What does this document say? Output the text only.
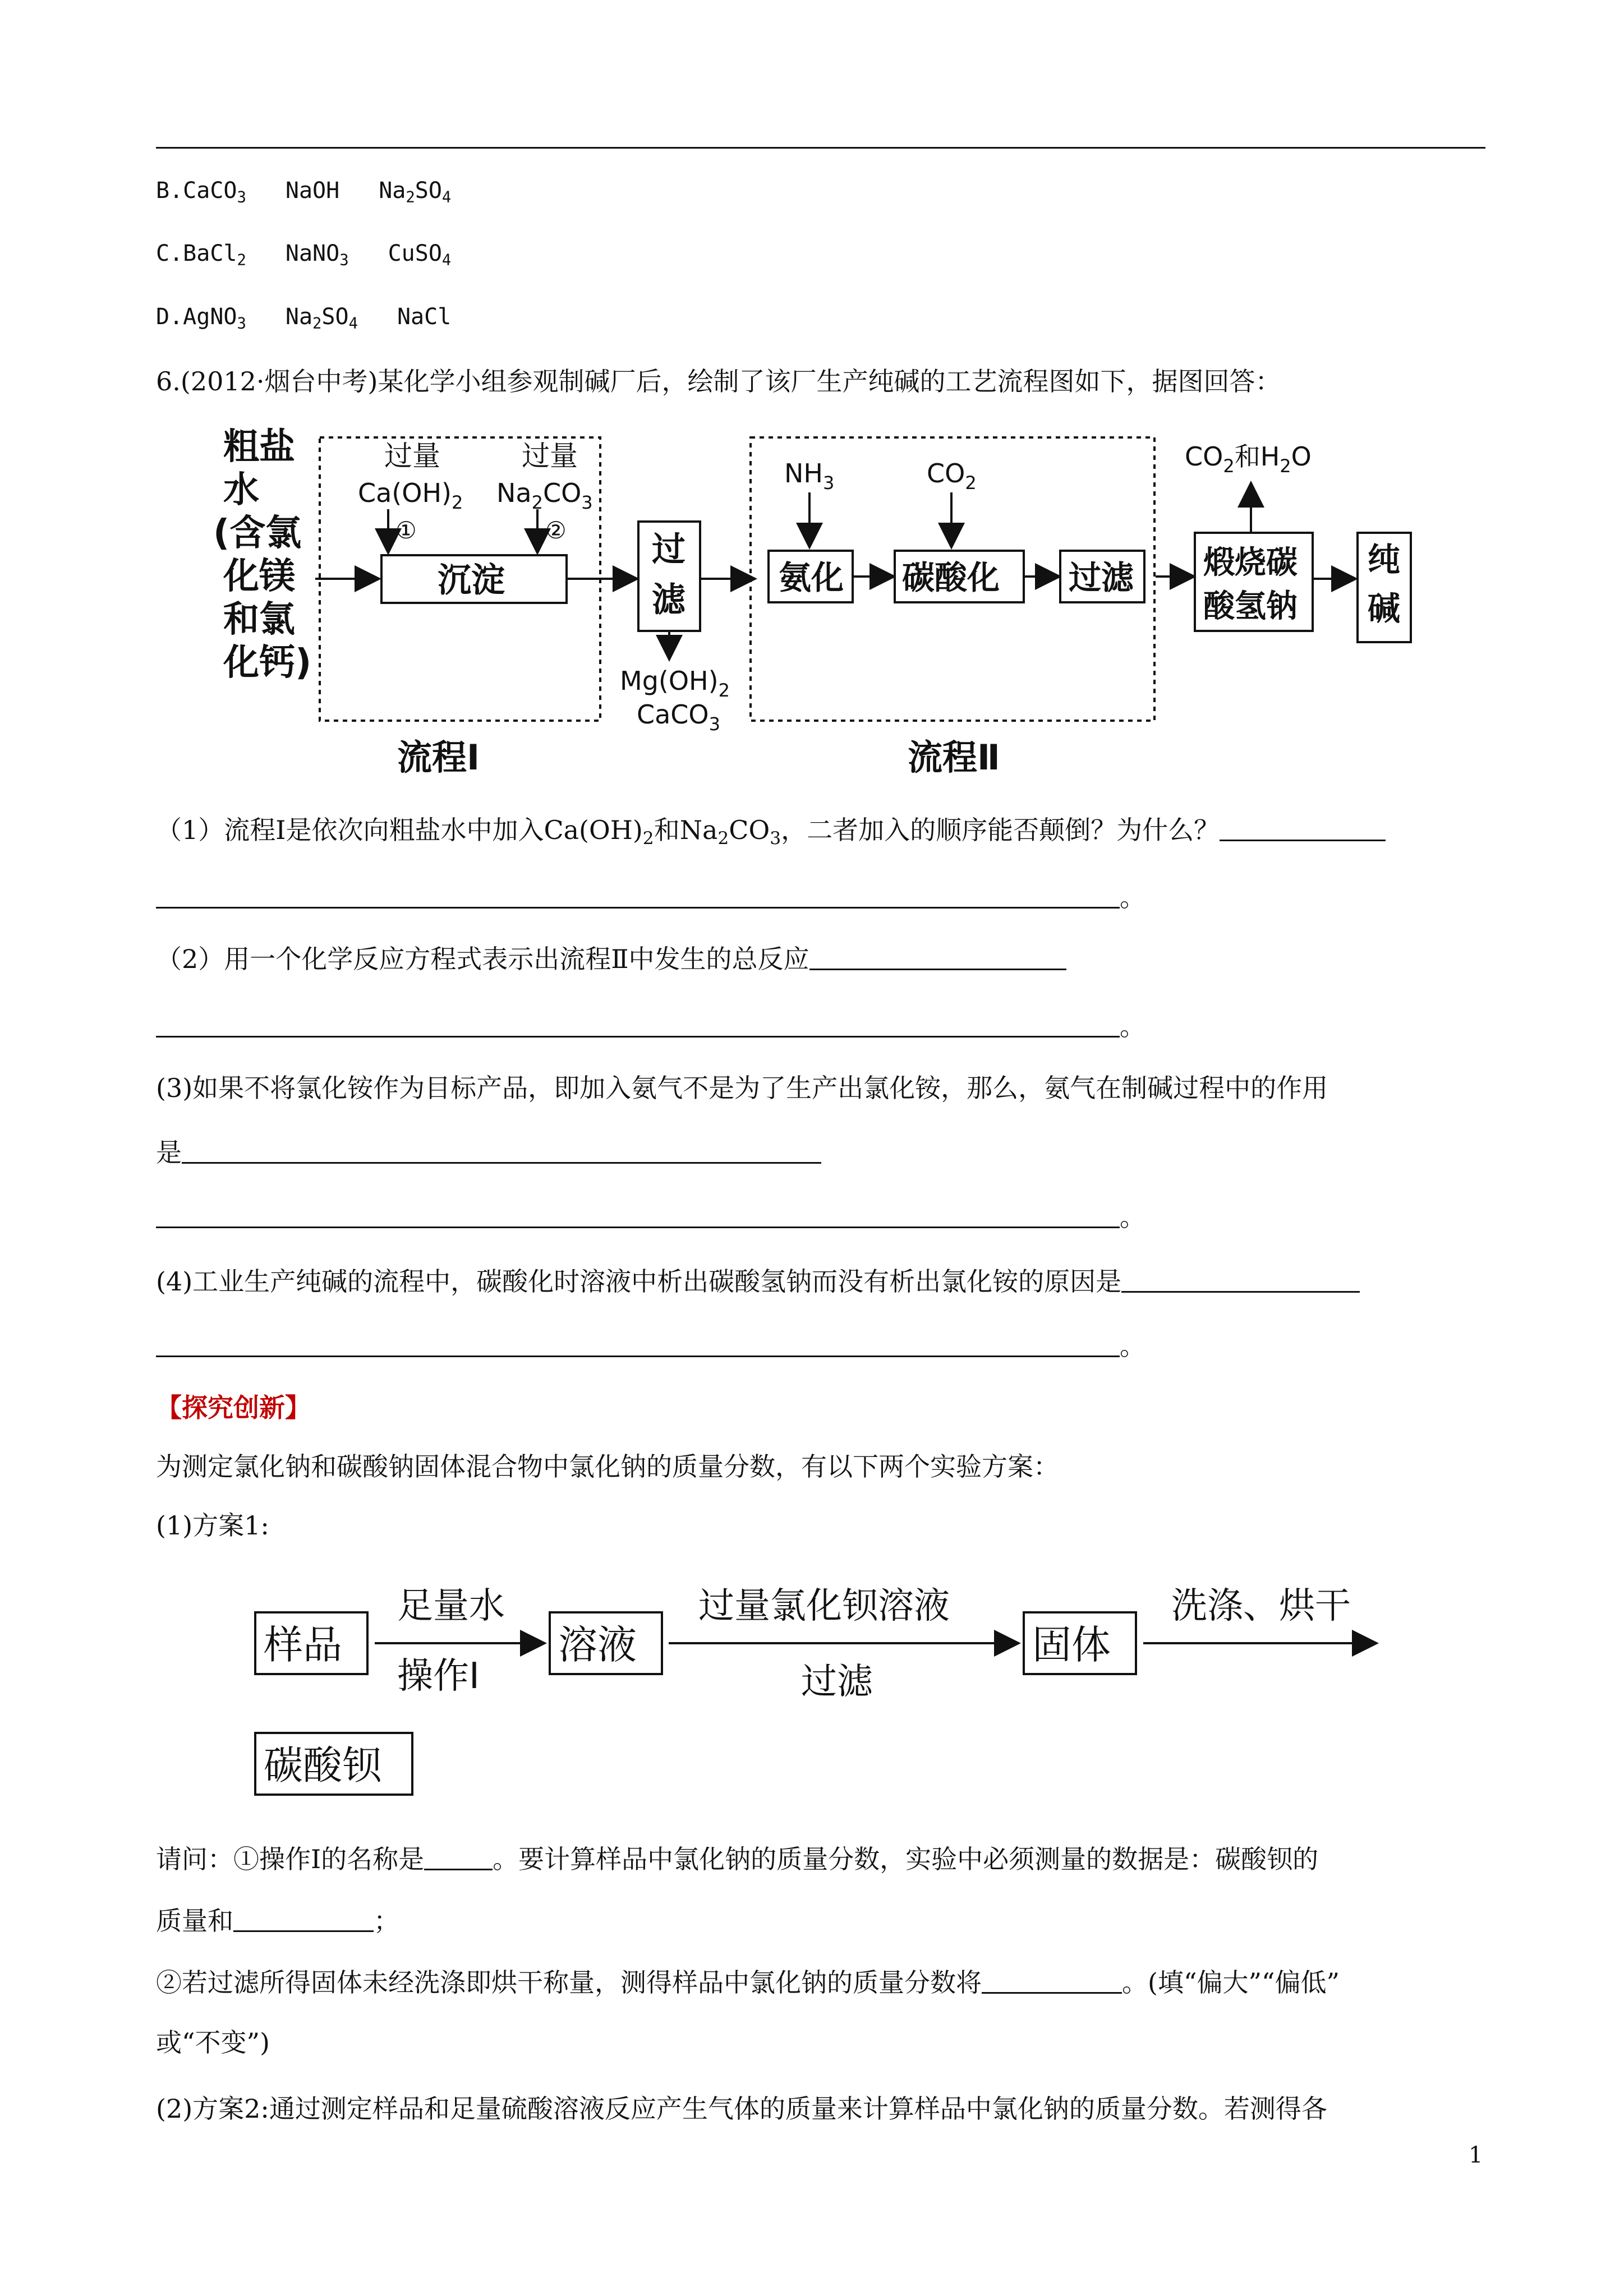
B.CaCO$_3$ NaOH $Na_2SO_4$
C.BaCl$_2$ NaNO$_3$ CuSO$_4$
D.AgNO$_3$ $Na_2SO_4$ NaCl
6.(2012·烟台中考)某化学小组参观制碱厂后，绘制了该厂生产纯碱的工艺流程图如下，据图回答：
粗盐
水
(含氯
化镁
和氯
化钙)
过量	过量
$Ca(OH)_2$ $Na_2CO_3$
①	②
沉淀
过
滤
$Mg(OH)_2$
CaCO$_3$
$NH_3$	$CO_2$
氨化 碳酸化 过滤
$CO_2$和$H_2O$
煅烧碳
酸氢钠
纯
碱
流程Ⅰ	流程Ⅱ
（1）流程Ⅰ是依次向粗盐水中加入$Ca(OH)_2$和$Na_2CO_3$，二者加入的顺序能否颠倒？为什么？
。
（2）用一个化学反应方程式表示出流程Ⅱ中发生的总反应
。
(3)如果不将氯化铵作为目标产品，即加入氨气不是为了生产出氯化铵，那么，氨气在制碱过程中的作用
是
。
(4)工业生产纯碱的流程中，碳酸化时溶液中析出碳酸氢钠而没有析出氯化铵的原因是
。
【探究创新】
为测定氯化钠和碳酸钠固体混合物中氯化钠的质量分数，有以下两个实验方案：
(1)方案1:
样品
足量水
操作Ⅰ
溶液
过量氯化钡溶液
过滤
固体
洗涤、烘干
碳酸钡
请问：①操作Ⅰ的名称是	。要计算样品中氯化钠的质量分数，实验中必须测量的数据是：碳酸钡的
质量和	；
②若过滤所得固体未经洗涤即烘干称量，测得样品中氯化钠的质量分数将	。(填“偏大”“偏低”
或“不变”)
(2)方案2:通过测定样品和足量硫酸溶液反应产生气体的质量来计算样品中氯化钠的质量分数。若测得各
1
